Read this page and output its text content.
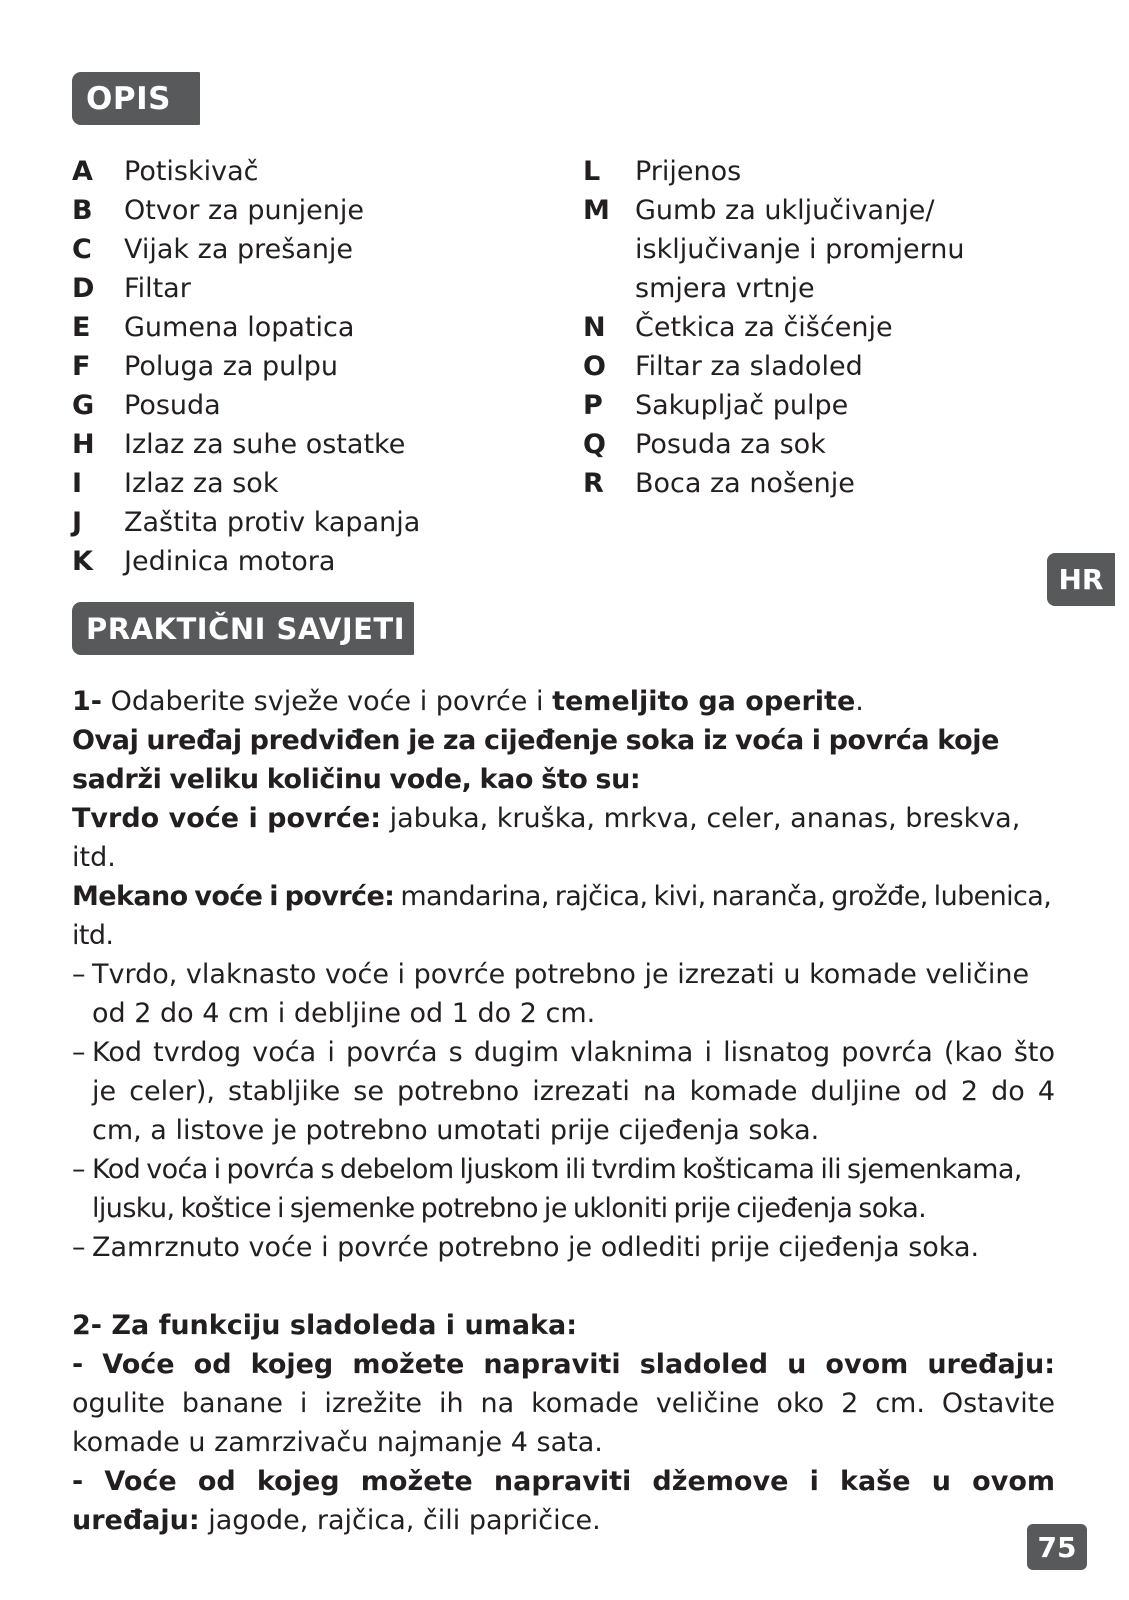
OPIS
A	Potiskivač
B	Otvor za punjenje
C	Vijak za prešanje
D	Filtar
E	Gumena lopatica
F	Poluga za pulpu
G	Posuda
H	Izlaz za suhe ostatke
I	Izlaz za sok
J	Zaštita protiv kapanja
K	Jedinica motora
L	Prijenos
M Gumb za uključivanje/ isključivanje i promjernu smjera vrtnje
N	Četkica za čišćenje
O	Filtar za sladoled
P	Sakupljač pulpe
Q	Posuda za sok
R	Boca za nošenje
HR
PRAKTIČNI SAVJETI

1- Odaberite svježe voće i povrće i temeljito ga operite.

Ovaj uređaj predviđen je za cijeđenje soka iz voća i povrća koje sadrži veliku količinu vode, kao što su:

Tvrdo voće i povrće: jabuka, kruška, mrkva, celer, ananas, breskva, itd.

Mekano voće i povrće: mandarina, rajčica, kivi, naranča, grožđe, lubenica, itd.

– Tvrdo, vlaknasto voće i povrće potrebno je izrezati u komade veličine od 2 do 4 cm i debljine od 1 do 2 cm.
– Kod tvrdog voća i povrća s dugim vlaknima i lisnatog povrća (kao što je celer), stabljike se potrebno izrezati na komade duljine od 2 do 4 cm, a listove je potrebno umotati prije cijeđenja soka.
– Kod voća i povrća s debelom ljuskom ili tvrdim košticama ili sjemenkama, ljusku, koštice i sjemenke potrebno je ukloniti prije cijeđenja soka.
– Zamrznuto voće i povrće potrebno je odlediti prije cijeđenja soka.

2- Za funkciju sladoleda i umaka:

- Voće od kojeg možete napraviti sladoled u ovom uređaju: ogulite banane i izrežite ih na komade veličine oko 2 cm. Ostavite komade u zamrzivaču najmanje 4 sata.

- Voće od kojeg možete napraviti džemove i kaše u ovom uređaju: jagode, rajčica, čili papričice.

75
